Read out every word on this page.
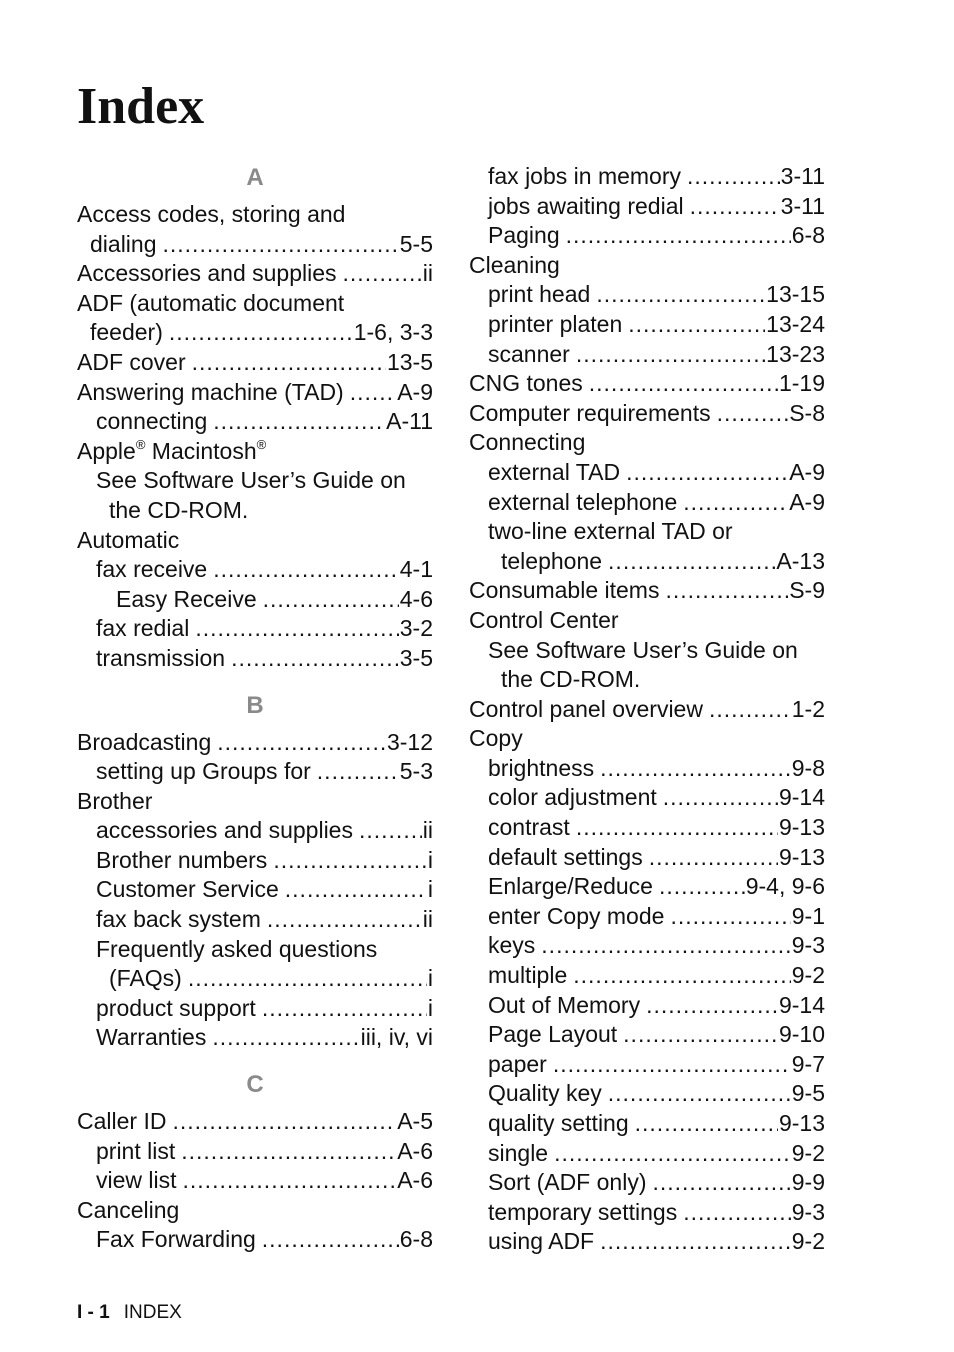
Index
A
Access codes, storing and
dialing .....	5-5
Accessories and supplies .....	ii
ADF (automatic document
feeder) .....	1-6, 3-3
ADF cover .....	13-5
Answering machine (TAD) ..... A-9
connecting .....	A-11
Apple® Macintosh®
See Software User’s Guide on
the CD-ROM.
Automatic
fax receive .....	4-1
Easy Receive .....	4-6
fax redial .....	3-2
transmission .....	3-5
B
Broadcasting .....	3-12
setting up Groups for .....	5-3
Brother
accessories and supplies .....	ii
Brother numbers .....	i
Customer Service .....	i
fax back system .....	ii
Frequently asked questions
(FAQs) .....	i
product support .....	i
Warranties .....	iii, iv, vi
C
Caller ID .....	A-5
print list .....	A-6
view list .....	A-6
Canceling
Fax Forwarding .....	6-8
fax jobs in memory .....	3-11
jobs awaiting redial .....	3-11
Paging .....	6-8
Cleaning
print head .....	13-15
printer platen .....	13-24
scanner .....	13-23
CNG tones .....	1-19
Computer requirements .....	S-8
Connecting
external TAD .....	A-9
external telephone .....	A-9
two-line external TAD or
telephone .....	A-13
Consumable items .....	S-9
Control Center
See Software User’s Guide on
the CD-ROM.
Control panel overview .....	1-2
Copy
brightness .....	9-8
color adjustment .....	9-14
contrast .....	9-13
default settings .....	9-13
Enlarge/Reduce .....	9-4, 9-6
enter Copy mode .....	9-1
keys .....	9-3
multiple .....	9-2
Out of Memory .....	9-14
Page Layout .....	9-10
paper .....	9-7
Quality key .....	9-5
quality setting .....	9-13
single .....	9-2
Sort (ADF only) .....	9-9
temporary settings .....	9-3
using ADF .....	9-2
I - 1 INDEX
